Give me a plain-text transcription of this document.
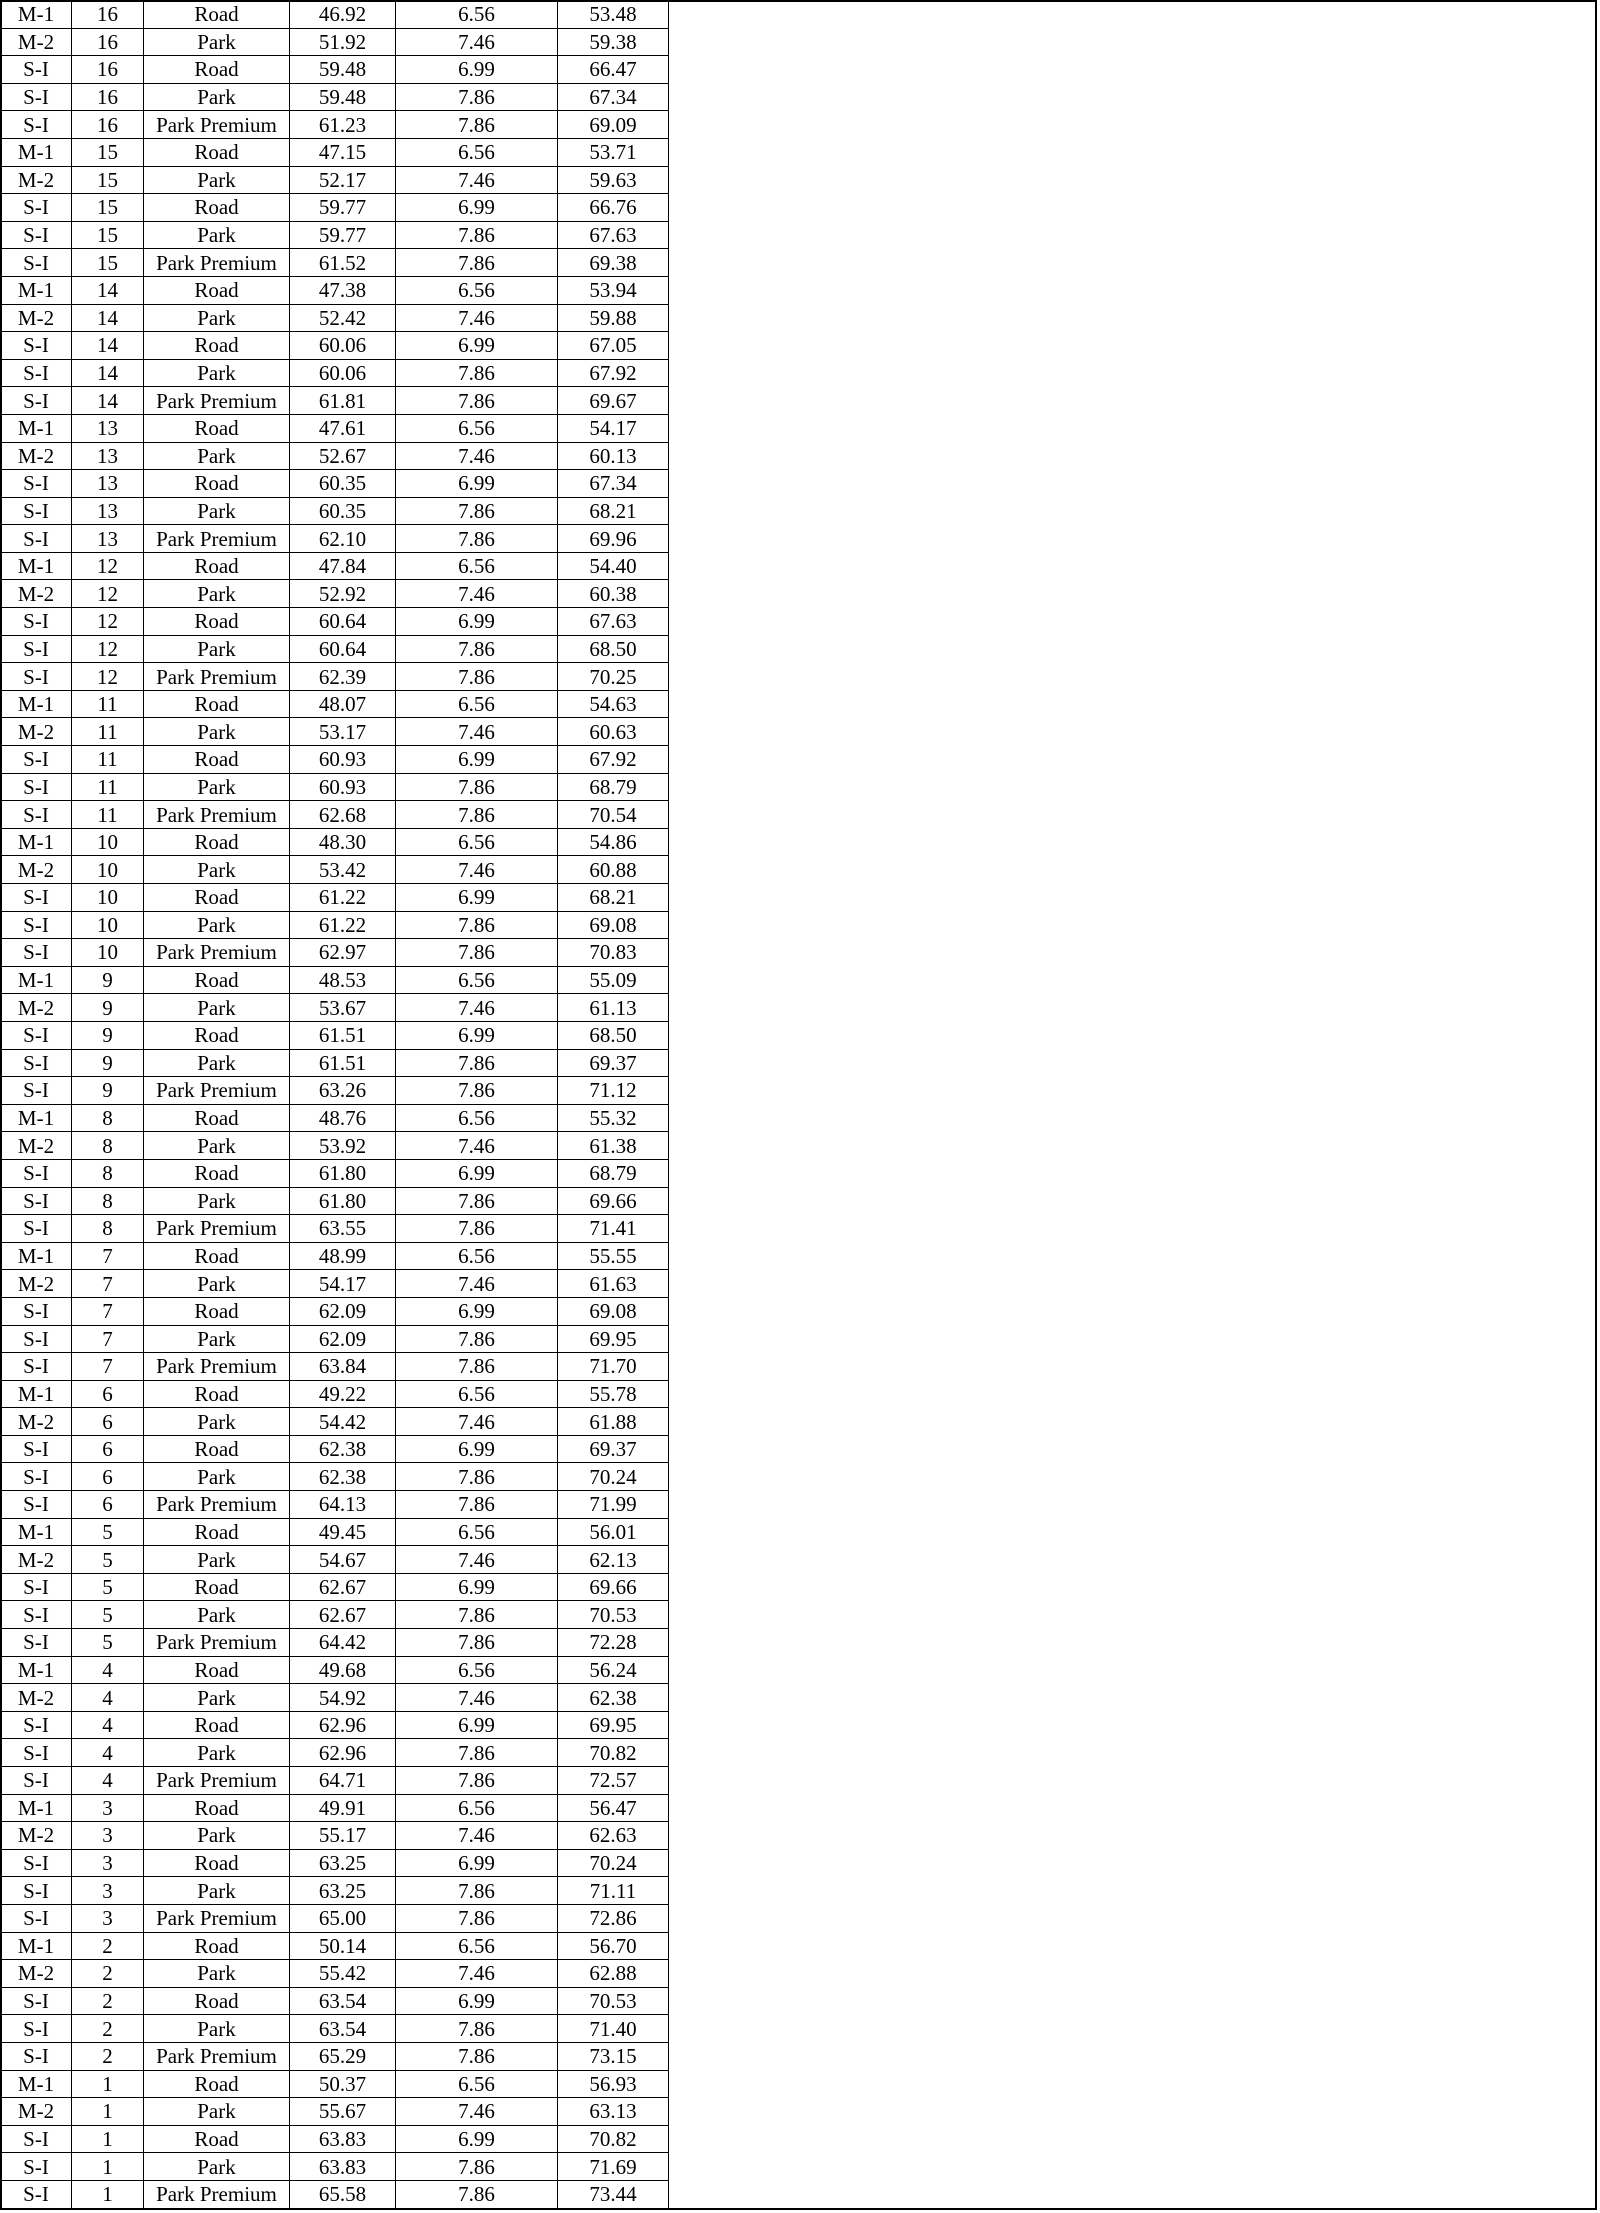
M-1	16	Road	46.92	6.56	53.48
M-2	16	Park	51.92	7.46	59.38
S-I	16	Road	59.48	6.99	66.47
S-I	16	Park	59.48	7.86	67.34
S-I	16	Park Premium	61.23	7.86	69.09
M-1	15	Road	47.15	6.56	53.71
M-2	15	Park	52.17	7.46	59.63
S-I	15	Road	59.77	6.99	66.76
S-I	15	Park	59.77	7.86	67.63
S-I	15	Park Premium	61.52	7.86	69.38
M-1	14	Road	47.38	6.56	53.94
M-2	14	Park	52.42	7.46	59.88
S-I	14	Road	60.06	6.99	67.05
S-I	14	Park	60.06	7.86	67.92
S-I	14	Park Premium	61.81	7.86	69.67
M-1	13	Road	47.61	6.56	54.17
M-2	13	Park	52.67	7.46	60.13
S-I	13	Road	60.35	6.99	67.34
S-I	13	Park	60.35	7.86	68.21
S-I	13	Park Premium	62.10	7.86	69.96
M-1	12	Road	47.84	6.56	54.40
M-2	12	Park	52.92	7.46	60.38
S-I	12	Road	60.64	6.99	67.63
S-I	12	Park	60.64	7.86	68.50
S-I	12	Park Premium	62.39	7.86	70.25
M-1	11	Road	48.07	6.56	54.63
M-2	11	Park	53.17	7.46	60.63
S-I	11	Road	60.93	6.99	67.92
S-I	11	Park	60.93	7.86	68.79
S-I	11	Park Premium	62.68	7.86	70.54
M-1	10	Road	48.30	6.56	54.86
M-2	10	Park	53.42	7.46	60.88
S-I	10	Road	61.22	6.99	68.21
S-I	10	Park	61.22	7.86	69.08
S-I	10	Park Premium	62.97	7.86	70.83
M-1	9	Road	48.53	6.56	55.09
M-2	9	Park	53.67	7.46	61.13
S-I	9	Road	61.51	6.99	68.50
S-I	9	Park	61.51	7.86	69.37
S-I	9	Park Premium	63.26	7.86	71.12
M-1	8	Road	48.76	6.56	55.32
M-2	8	Park	53.92	7.46	61.38
S-I	8	Road	61.80	6.99	68.79
S-I	8	Park	61.80	7.86	69.66
S-I	8	Park Premium	63.55	7.86	71.41
M-1	7	Road	48.99	6.56	55.55
M-2	7	Park	54.17	7.46	61.63
S-I	7	Road	62.09	6.99	69.08
S-I	7	Park	62.09	7.86	69.95
S-I	7	Park Premium	63.84	7.86	71.70
M-1	6	Road	49.22	6.56	55.78
M-2	6	Park	54.42	7.46	61.88
S-I	6	Road	62.38	6.99	69.37
S-I	6	Park	62.38	7.86	70.24
S-I	6	Park Premium	64.13	7.86	71.99
M-1	5	Road	49.45	6.56	56.01
M-2	5	Park	54.67	7.46	62.13
S-I	5	Road	62.67	6.99	69.66
S-I	5	Park	62.67	7.86	70.53
S-I	5	Park Premium	64.42	7.86	72.28
M-1	4	Road	49.68	6.56	56.24
M-2	4	Park	54.92	7.46	62.38
S-I	4	Road	62.96	6.99	69.95
S-I	4	Park	62.96	7.86	70.82
S-I	4	Park Premium	64.71	7.86	72.57
M-1	3	Road	49.91	6.56	56.47
M-2	3	Park	55.17	7.46	62.63
S-I	3	Road	63.25	6.99	70.24
S-I	3	Park	63.25	7.86	71.11
S-I	3	Park Premium	65.00	7.86	72.86
M-1	2	Road	50.14	6.56	56.70
M-2	2	Park	55.42	7.46	62.88
S-I	2	Road	63.54	6.99	70.53
S-I	2	Park	63.54	7.86	71.40
S-I	2	Park Premium	65.29	7.86	73.15
M-1	1	Road	50.37	6.56	56.93
M-2	1	Park	55.67	7.46	63.13
S-I	1	Road	63.83	6.99	70.82
S-I	1	Park	63.83	7.86	71.69
S-I	1	Park Premium	65.58	7.86	73.44
